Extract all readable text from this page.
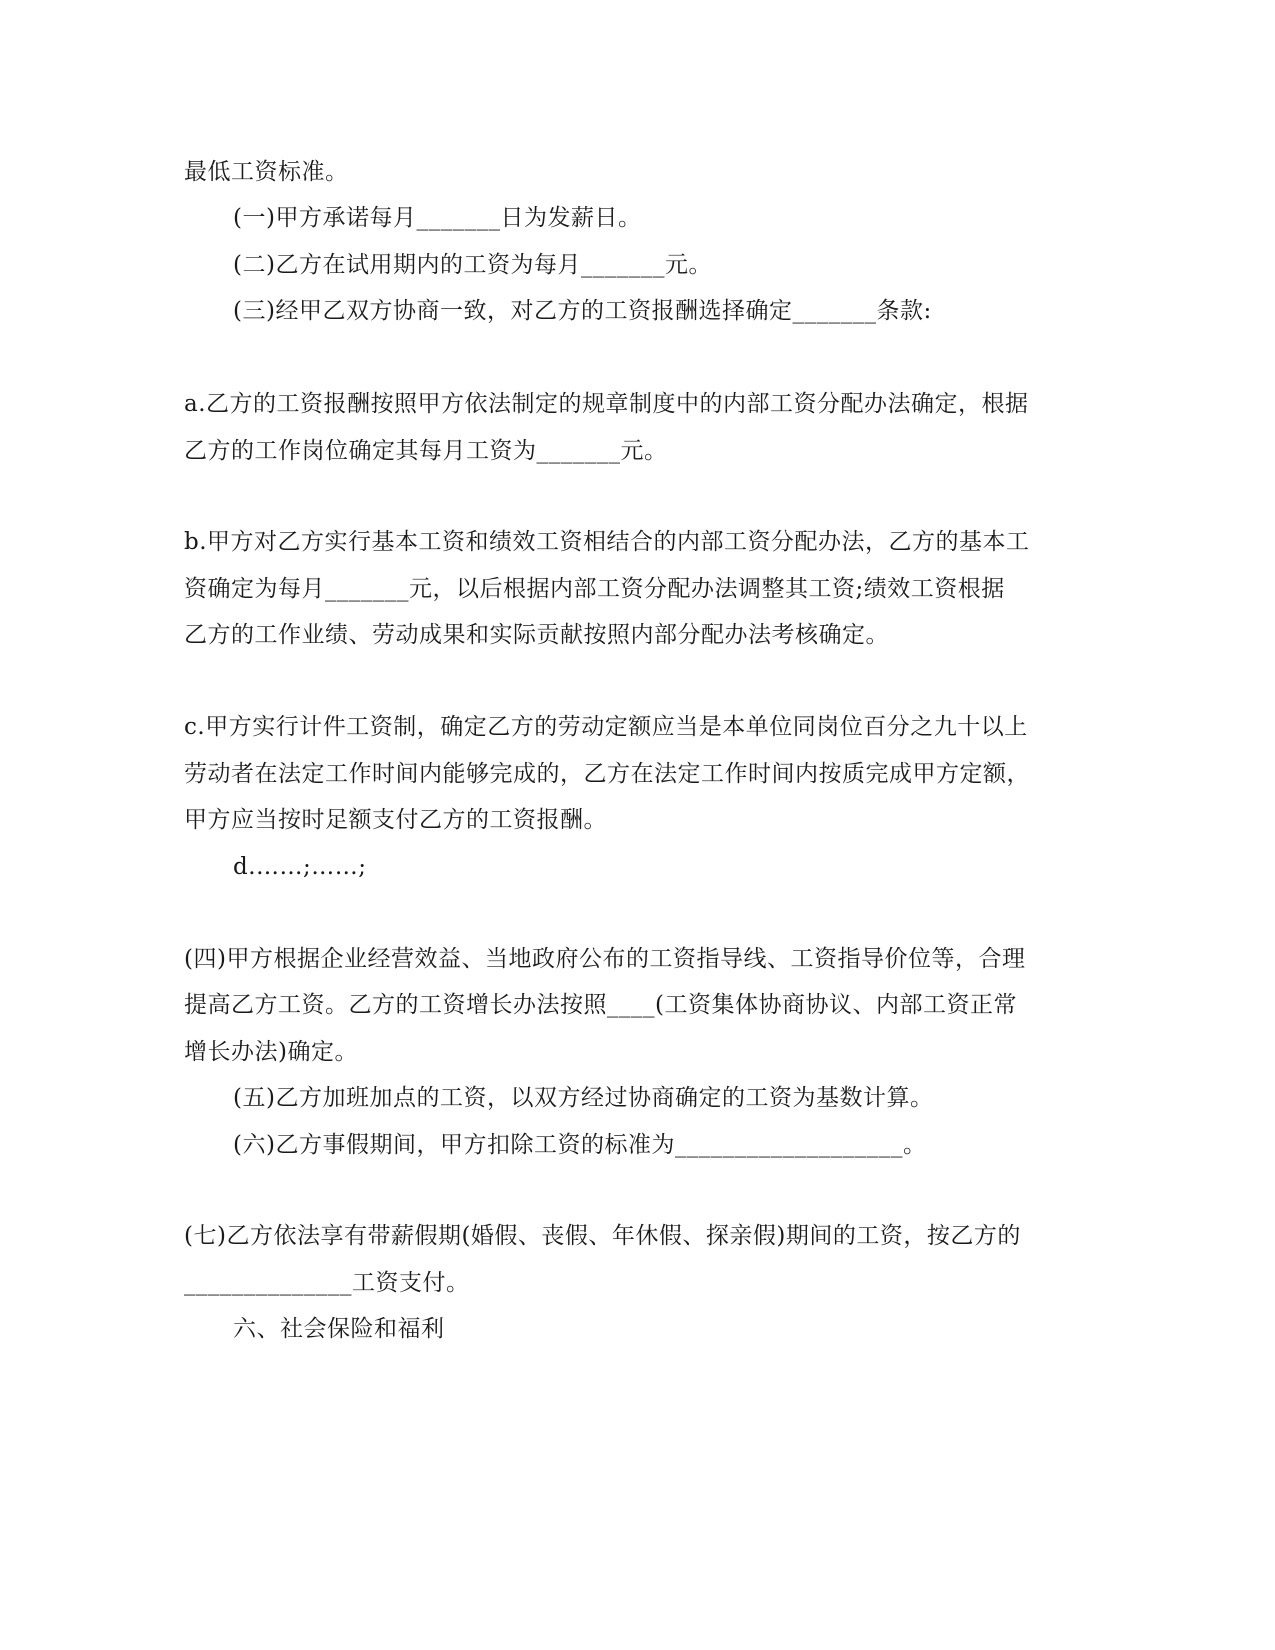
最低工资标准。
(一)甲方承诺每月_______日为发薪日。
(二)乙方在试用期内的工资为每月_______元。
(三)经甲乙双方协商一致，对乙方的工资报酬选择确定_______条款:
a.乙方的工资报酬按照甲方依法制定的规章制度中的内部工资分配办法确定，根据
乙方的工作岗位确定其每月工资为_______元。
b.甲方对乙方实行基本工资和绩效工资相结合的内部工资分配办法，乙方的基本工
资确定为每月_______元，以后根据内部工资分配办法调整其工资;绩效工资根据
乙方的工作业绩、劳动成果和实际贡献按照内部分配办法考核确定。
c.甲方实行计件工资制，确定乙方的劳动定额应当是本单位同岗位百分之九十以上
劳动者在法定工作时间内能够完成的，乙方在法定工作时间内按质完成甲方定额，
甲方应当按时足额支付乙方的工资报酬。
d.……;……;
(四)甲方根据企业经营效益、当地政府公布的工资指导线、工资指导价位等，合理
提高乙方工资。乙方的工资增长办法按照____(工资集体协商协议、内部工资正常
增长办法)确定。
(五)乙方加班加点的工资，以双方经过协商确定的工资为基数计算。
(六)乙方事假期间，甲方扣除工资的标准为___________________。
(七)乙方依法享有带薪假期(婚假、丧假、年休假、探亲假)期间的工资，按乙方的
______________工资支付。
六、社会保险和福利
